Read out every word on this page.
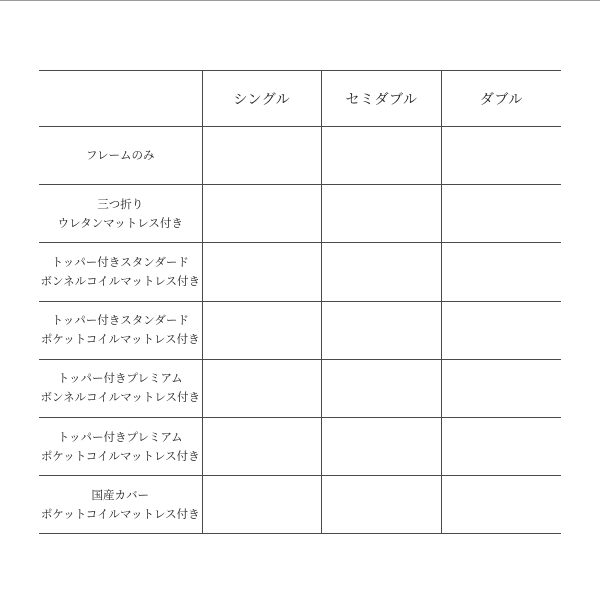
	シングル	セミダブル	ダブル

フレームのみ			

三つ折り
ウレタンマットレス付き			

トッパー付きスタンダード
ボンネルコイルマットレス付き			

トッパー付きスタンダード
ポケットコイルマットレス付き			

トッパー付きプレミアム
ボンネルコイルマットレス付き			

トッパー付きプレミアム
ポケットコイルマットレス付き			

国産カバー
ポケットコイルマットレス付き			
